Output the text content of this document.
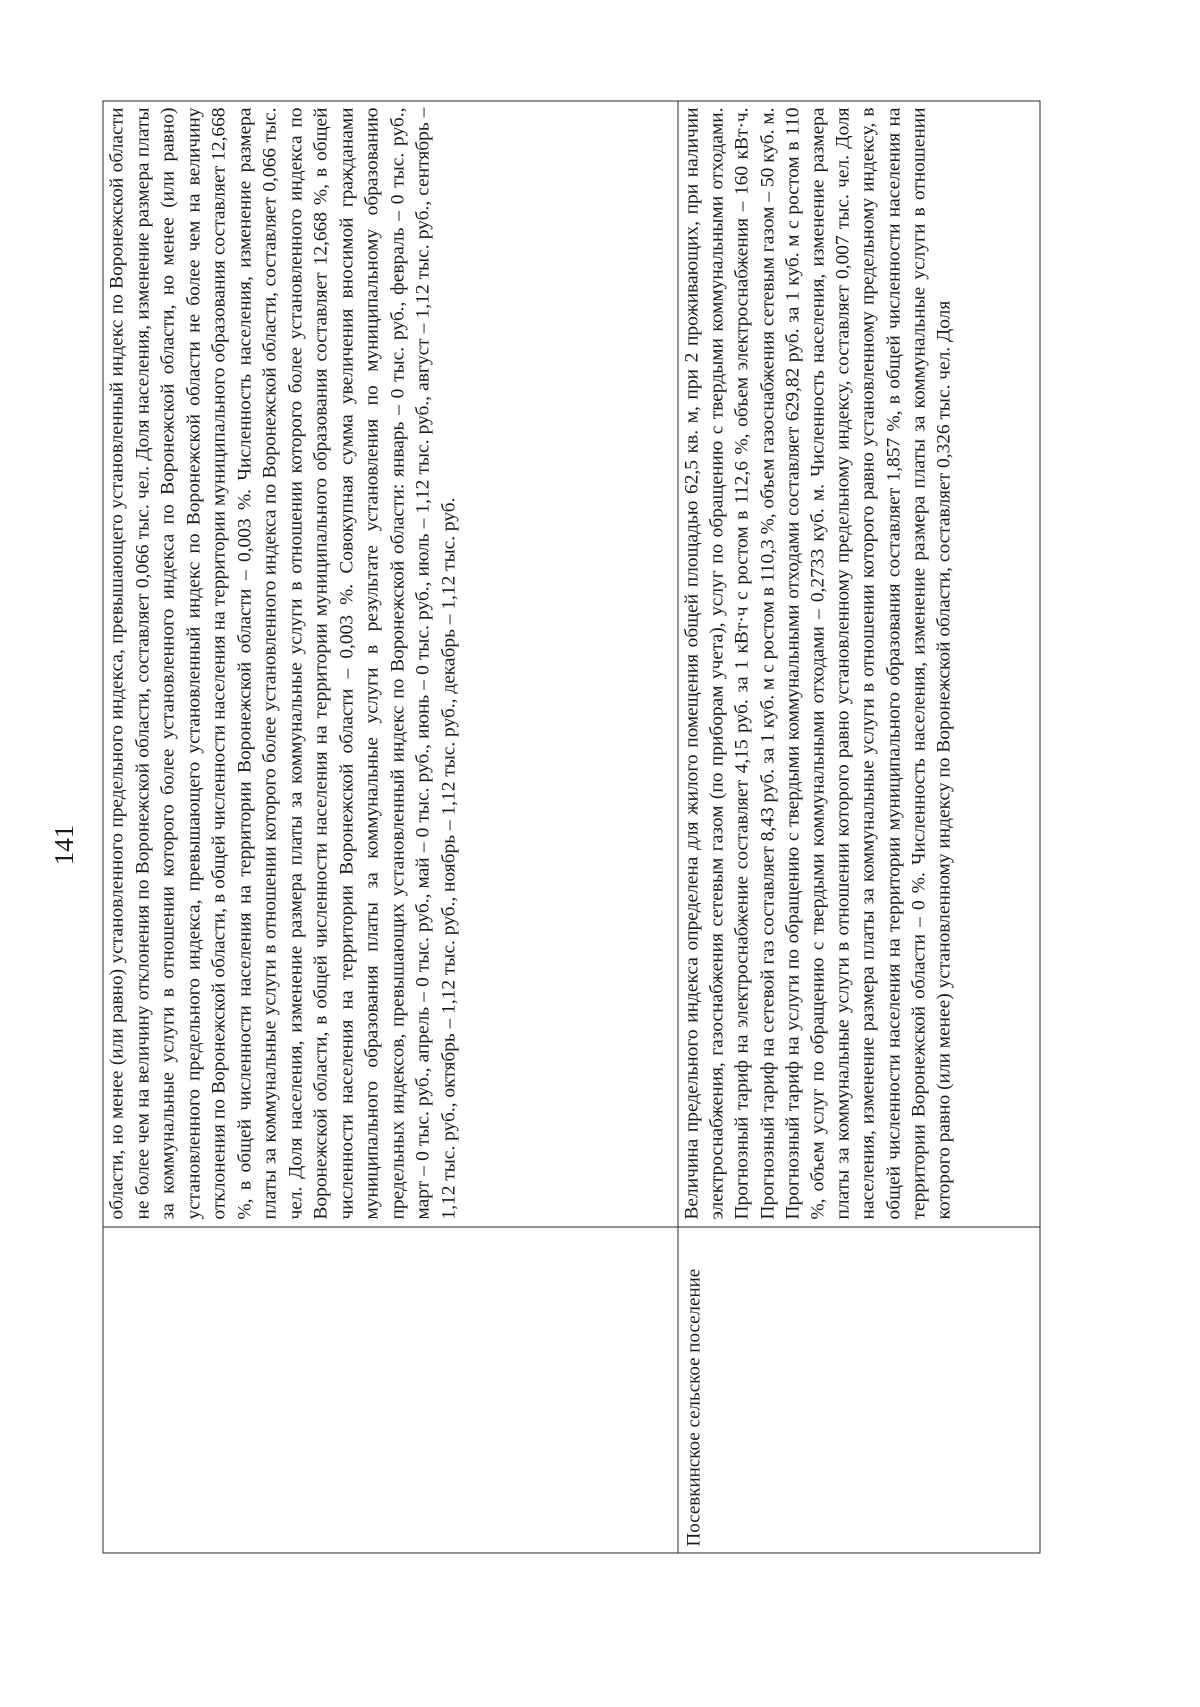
141

	области, но менее (или равно) установленного предельного индекса, превышающего установленный индекс по Воронежской области не более чем на величину отклонения по Воронежской области, составляет 0,066 тыс. чел. Доля населения, изменение размера платы за коммунальные услуги в отношении которого более установленного индекса по Воронежской области, но менее (или равно) установленного предельного индекса, превышающего установленный индекс по Воронежской области не более чем на величину отклонения по Воронежской области, в общей численности населения на территории муниципального образования составляет 12,668 %, в общей численности населения на территории Воронежской области – 0,003 %. Численность населения, изменение размера платы за коммунальные услуги в отношении которого более установленного индекса по Воронежской области, составляет 0,066 тыс. чел. Доля населения, изменение размера платы за коммунальные услуги в отношении которого более установленного индекса по Воронежской области, в общей численности населения на территории муниципального образования составляет 12,668 %, в общей численности населения на территории Воронежской области – 0,003 %. Совокупная сумма увеличения вносимой гражданами муниципального образования платы за коммунальные услуги в результате установления по муниципальному образованию предельных индексов, превышающих установленный индекс по Воронежской области: январь – 0 тыс. руб., февраль – 0 тыс. руб., март – 0 тыс. руб., апрель – 0 тыс. руб., май – 0 тыс. руб., июнь – 0 тыс. руб., июль – 1,12 тыс. руб., август – 1,12 тыс. руб., сентябрь – 1,12 тыс. руб., октябрь – 1,12 тыс. руб., ноябрь – 1,12 тыс. руб., декабрь – 1,12 тыс. руб.

Посевкинское сельское поселение	Величина предельного индекса определена для жилого помещения общей площадью 62,5 кв. м, при 2 проживающих, при наличии электроснабжения, газоснабжения сетевым газом (по приборам учета), услуг по обращению с твердыми коммунальными отходами. Прогнозный тариф на электроснабжение составляет 4,15 руб. за 1 кВт·ч с ростом в 112,6 %, объем электроснабжения – 160 кВт·ч. Прогнозный тариф на сетевой газ составляет 8,43 руб. за 1 куб. м с ростом в 110,3 %, объем газоснабжения сетевым газом – 50 куб. м. Прогнозный тариф на услуги по обращению с твердыми коммунальными отходами составляет 629,82 руб. за 1 куб. м с ростом в 110 %, объем услуг по обращению с твердыми коммунальными отходами – 0,2733 куб. м. Численность населения, изменение размера платы за коммунальные услуги в отношении которого равно установленному предельному индексу, составляет 0,007 тыс. чел. Доля населения, изменение размера платы за коммунальные услуги в отношении которого равно установленному предельному индексу, в общей численности населения на территории муниципального образования составляет 1,857 %, в общей численности населения на территории Воронежской области – 0 %. Численность населения, изменение размера платы за коммунальные услуги в отношении которого равно (или менее) установленному индексу по Воронежской области, составляет 0,326 тыс. чел. Доля
